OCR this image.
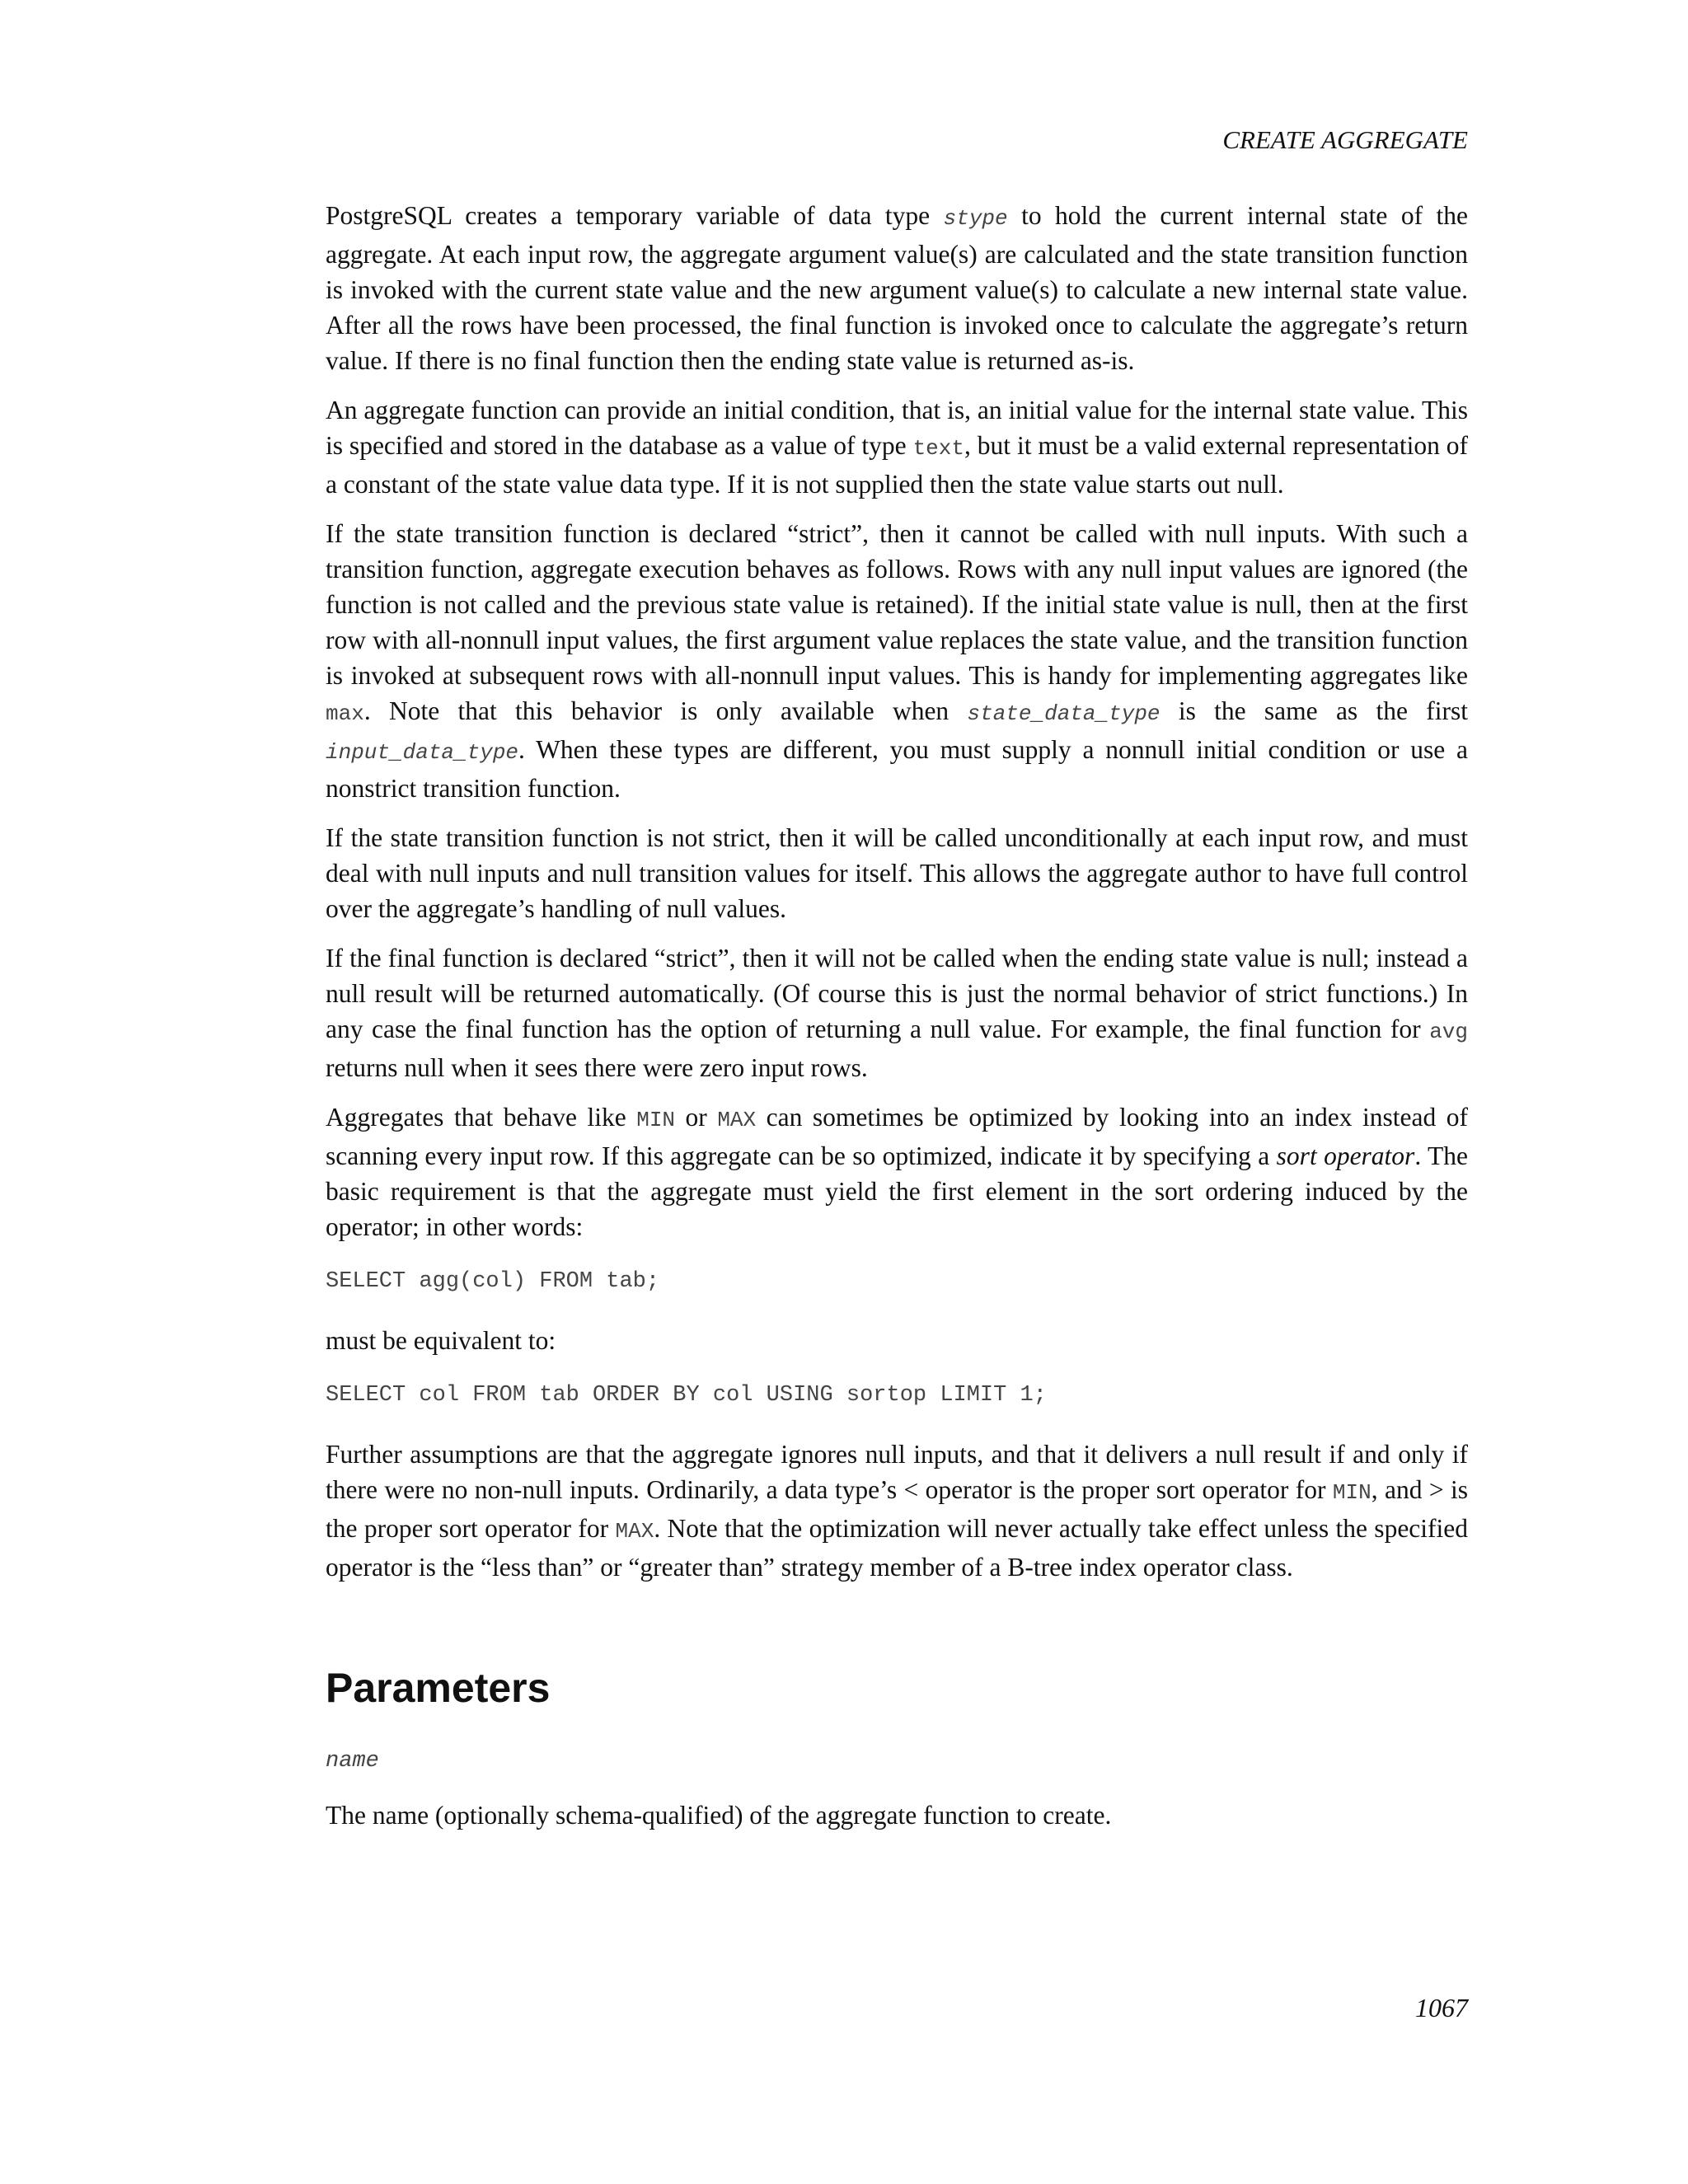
CREATE AGGREGATE

PostgreSQL creates a temporary variable of data type stype to hold the current internal state of the aggregate. At each input row, the aggregate argument value(s) are calculated and the state transition function is invoked with the current state value and the new argument value(s) to calculate a new internal state value. After all the rows have been processed, the final function is invoked once to calculate the aggregate’s return value. If there is no final function then the ending state value is returned as-is.

An aggregate function can provide an initial condition, that is, an initial value for the internal state value. This is specified and stored in the database as a value of type text, but it must be a valid external representation of a constant of the state value data type. If it is not supplied then the state value starts out null.

If the state transition function is declared “strict”, then it cannot be called with null inputs. With such a transition function, aggregate execution behaves as follows. Rows with any null input values are ignored (the function is not called and the previous state value is retained). If the initial state value is null, then at the first row with all-nonnull input values, the first argument value replaces the state value, and the transition function is invoked at subsequent rows with all-nonnull input values. This is handy for implementing aggregates like max. Note that this behavior is only available when state_data_type is the same as the first input_data_type. When these types are different, you must supply a nonnull initial condition or use a nonstrict transition function.

If the state transition function is not strict, then it will be called unconditionally at each input row, and must deal with null inputs and null transition values for itself. This allows the aggregate author to have full control over the aggregate’s handling of null values.

If the final function is declared “strict”, then it will not be called when the ending state value is null; instead a null result will be returned automatically. (Of course this is just the normal behavior of strict functions.) In any case the final function has the option of returning a null value. For example, the final function for avg returns null when it sees there were zero input rows.

Aggregates that behave like MIN or MAX can sometimes be optimized by looking into an index instead of scanning every input row. If this aggregate can be so optimized, indicate it by specifying a sort operator. The basic requirement is that the aggregate must yield the first element in the sort ordering induced by the operator; in other words:

SELECT agg(col) FROM tab;

must be equivalent to:

SELECT col FROM tab ORDER BY col USING sortop LIMIT 1;

Further assumptions are that the aggregate ignores null inputs, and that it delivers a null result if and only if there were no non-null inputs. Ordinarily, a data type’s < operator is the proper sort operator for MIN, and > is the proper sort operator for MAX. Note that the optimization will never actually take effect unless the specified operator is the “less than” or “greater than” strategy member of a B-tree index operator class.

Parameters
name

The name (optionally schema-qualified) of the aggregate function to create.

1067
